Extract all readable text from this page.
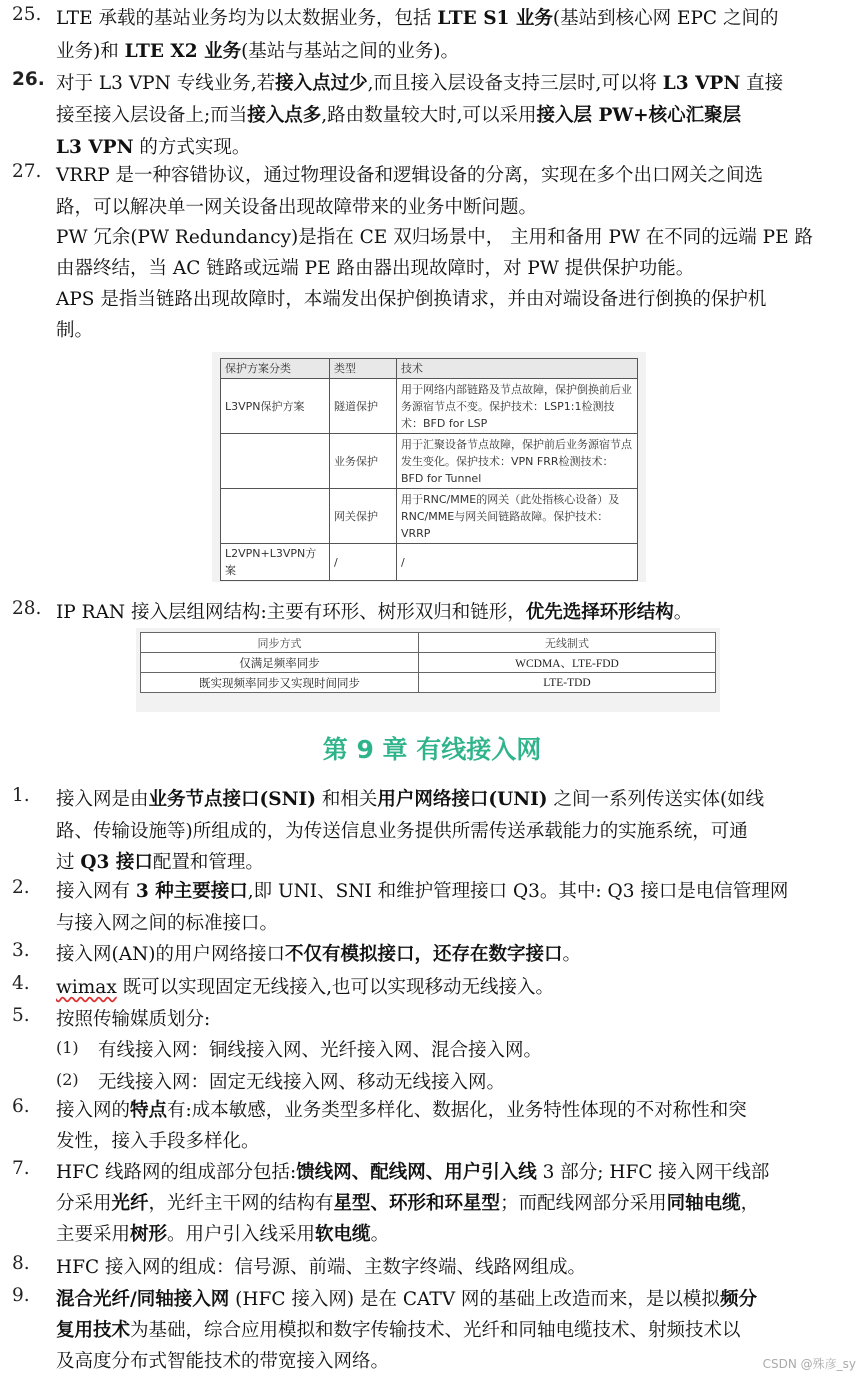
25. LTE 承载的基站业务均为以太数据业务，包括 LTE S1 业务(基站到核心网 EPC 之间的
业务)和 LTE X2 业务(基站与基站之间的业务)。
26. 对于 L3 VPN 专线业务,若接入点过少,而且接入层设备支持三层时,可以将 L3 VPN 直接
接至接入层设备上;而当接入点多,路由数量较大时,可以采用接入层 PW+核心汇聚层
L3 VPN 的方式实现。
27. VRRP 是一种容错协议，通过物理设备和逻辑设备的分离，实现在多个出口网关之间选
路，可以解决单一网关设备出现故障带来的业务中断问题。
PW 冗余(PW Redundancy)是指在 CE 双归场景中， 主用和备用 PW 在不同的远端 PE 路
由器终结，当 AC 链路或远端 PE 路由器出现故障时，对 PW 提供保护功能。
APS 是指当链路出现故障时，本端发出保护倒换请求，并由对端设备进行倒换的保护机
制。
保护方案分类	类型	技术
L3VPN保护方案	隧道保护	用于网络内部链路及节点故障，保护倒换前后业务源宿节点不变。保护技术：LSP1:1检测技术：BFD for LSP
	业务保护	用于汇聚设备节点故障，保护前后业务源宿节点发生变化。保护技术：VPN FRR检测技术：BFD for Tunnel
	网关保护	用于RNC/MME的网关（此处指核心设备）及RNC/MME与网关间链路故障。保护技术：VRRP
L2VPN+L3VPN方案	/	/
28. IP RAN 接入层组网结构:主要有环形、树形双归和链形，优先选择环形结构。
同步方式	无线制式
仅满足频率同步	WCDMA、LTE-FDD
既实现频率同步又实现时间同步	LTE-TDD
第 9 章 有线接入网
1.	接入网是由业务节点接口(SNI) 和相关用户网络接口(UNI) 之间一系列传送实体(如线
路、传输设施等)所组成的，为传送信息业务提供所需传送承载能力的实施系统，可通
过 Q3 接口配置和管理。
2.	接入网有 3 种主要接口,即 UNI、SNI 和维护管理接口 Q3。其中: Q3 接口是电信管理网
与接入网之间的标准接口。
3.	接入网(AN)的用户网络接口不仅有模拟接口，还存在数字接口。
4.	wimax 既可以实现固定无线接入,也可以实现移动无线接入。
5.	按照传输媒质划分:
(1) 有线接入网：铜线接入网、光纤接入网、混合接入网。
(2) 无线接入网：固定无线接入网、移动无线接入网。
6.	接入网的特点有:成本敏感，业务类型多样化、数据化，业务特性体现的不对称性和突
发性，接入手段多样化。
7.	HFC 线路网的组成部分包括:馈线网、配线网、用户引入线 3 部分; HFC 接入网干线部
分采用光纤，光纤主干网的结构有星型、环形和环星型；而配线网部分采用同轴电缆，
主要采用树形。用户引入线采用软电缆。
8.	HFC 接入网的组成：信号源、前端、主数字终端、线路网组成。
9.	混合光纤/同轴接入网 (HFC 接入网) 是在 CATV 网的基础上改造而来，是以模拟频分
复用技术为基础，综合应用模拟和数字传输技术、光纤和同轴电缆技术、射频技术以
及高度分布式智能技术的带宽接入网络。	CSDN @殊彦_sy
